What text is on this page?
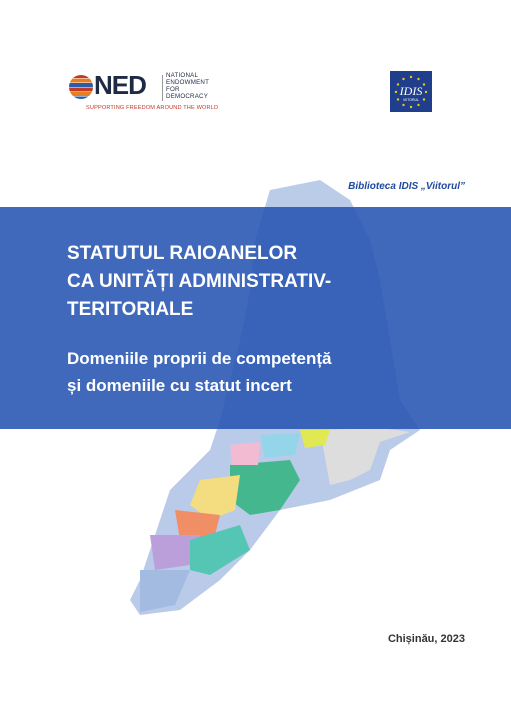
NED	NATIONAL
ENDOWMENT
FOR
DEMOCRACY
SUPPORTING FREEDOM AROUND THE WORLD
IDIS
VIITORUL
Biblioteca IDIS „Viitorul”
STATUTUL RAIOANELOR
CA UNITĂȚI ADMINISTRATIV-
TERITORIALE
Domeniile proprii de competență
și domeniile cu statut incert
Chișinău, 2023
